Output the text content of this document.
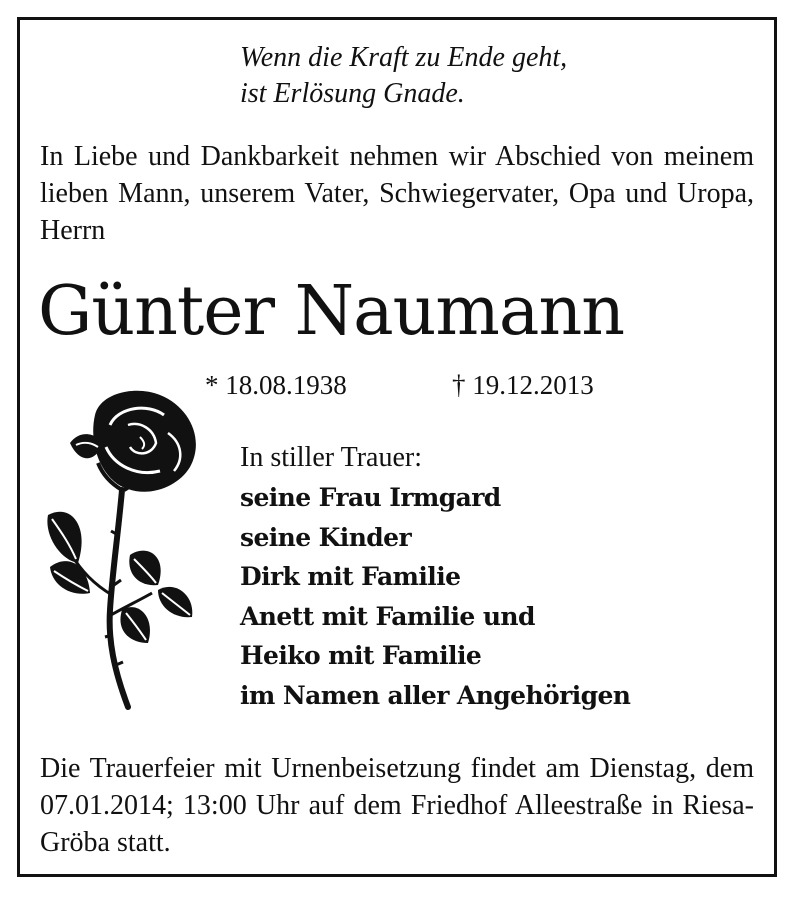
Wenn die Kraft zu Ende geht,
ist Erlösung Gnade.
In Liebe und Dankbarkeit nehmen wir Abschied von meinem lieben Mann, unserem Vater, Schwiegervater, Opa und Uropa, Herrn
Günter Naumann
* 18.08.1938	† 19.12.2013
In stiller Trauer:
seine Frau Irmgard
seine Kinder
Dirk mit Familie
Anett mit Familie und
Heiko mit Familie
im Namen aller Angehörigen
Die Trauerfeier mit Urnenbeisetzung findet am Dienstag, dem 07.01.2014; 13:00 Uhr auf dem Friedhof Alleestraße in Riesa-Gröba statt.
